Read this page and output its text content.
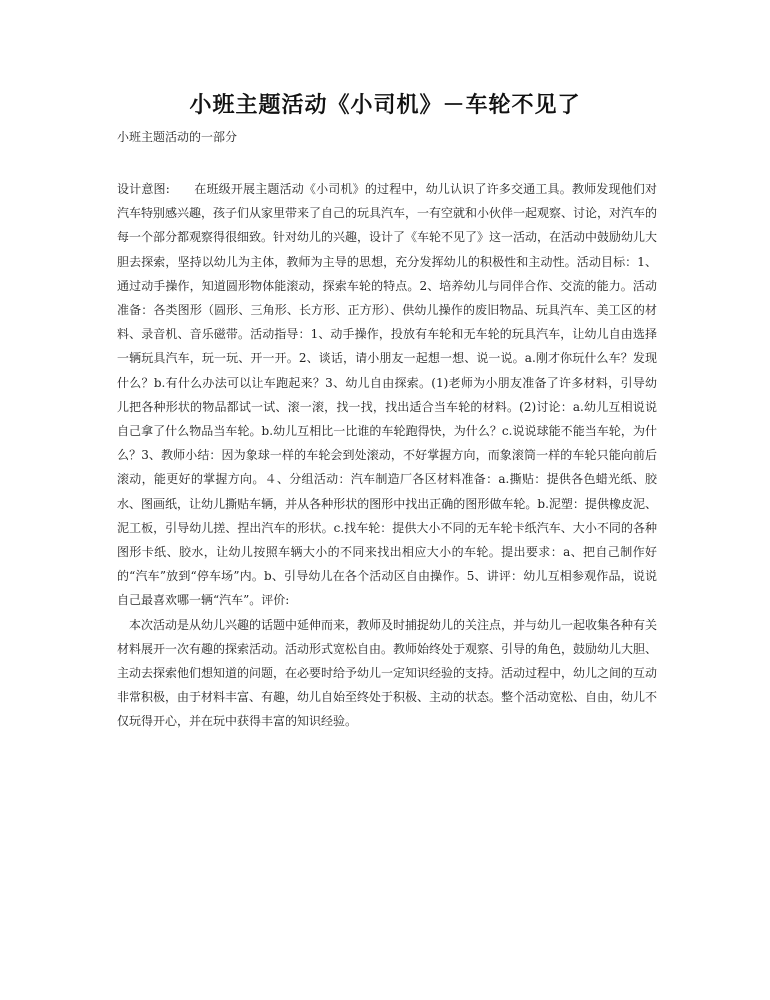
小班主题活动《小司机》－车轮不见了
小班主题活动的一部分

设计意图:　　在班级开展主题活动《小司机》的过程中，幼儿认识了许多交通工具。教师发现他们对汽车特别感兴趣，孩子们从家里带来了自己的玩具汽车，一有空就和小伙伴一起观察、讨论，对汽车的每一个部分都观察得很细致。针对幼儿的兴趣，设计了《车轮不见了》这一活动，在活动中鼓励幼儿大胆去探索，坚持以幼儿为主体，教师为主导的思想，充分发挥幼儿的积极性和主动性。活动目标：1、通过动手操作，知道圆形物体能滚动，探索车轮的特点。2、培养幼儿与同伴合作、交流的能力。活动准备：各类图形（圆形、三角形、长方形、正方形）、供幼儿操作的废旧物品、玩具汽车、美工区的材料、录音机、音乐磁带。活动指导：1、动手操作，投放有车轮和无车轮的玩具汽车，让幼儿自由选择一辆玩具汽车，玩一玩、开一开。2、谈话，请小朋友一起想一想、说一说。a.刚才你玩什么车？发现什么？b.有什么办法可以让车跑起来？3、幼儿自由探索。(1)老师为小朋友准备了许多材料，引导幼儿把各种形状的物品都试一试、滚一滚，找一找，找出适合当车轮的材料。(2)讨论：a.幼儿互相说说自己拿了什么物品当车轮。b.幼儿互相比一比谁的车轮跑得快，为什么？c.说说球能不能当车轮，为什么？3、教师小结：因为象球一样的车轮会到处滚动，不好掌握方向，而象滚筒一样的车轮只能向前后滚动，能更好的掌握方向。４、分组活动：汽车制造厂各区材料准备：a.撕贴：提供各色蜡光纸、胶水、图画纸，让幼儿撕贴车辆，并从各种形状的图形中找出正确的图形做车轮。b.泥塑：提供橡皮泥、泥工板，引导幼儿搓、捏出汽车的形状。c.找车轮：提供大小不同的无车轮卡纸汽车、大小不同的各种图形卡纸、胶水，让幼儿按照车辆大小的不同来找出相应大小的车轮。提出要求：a、把自己制作好的“汽车”放到“停车场”内。b、引导幼儿在各个活动区自由操作。5、讲评：幼儿互相参观作品，说说自己最喜欢哪一辆“汽车”。评价:

本次活动是从幼儿兴趣的话题中延伸而来，教师及时捕捉幼儿的关注点，并与幼儿一起收集各种有关材料展开一次有趣的探索活动。活动形式宽松自由。教师始终处于观察、引导的角色，鼓励幼儿大胆、主动去探索他们想知道的问题，在必要时给予幼儿一定知识经验的支持。活动过程中，幼儿之间的互动非常积极，由于材料丰富、有趣，幼儿自始至终处于积极、主动的状态。整个活动宽松、自由，幼儿不仅玩得开心，并在玩中获得丰富的知识经验。
